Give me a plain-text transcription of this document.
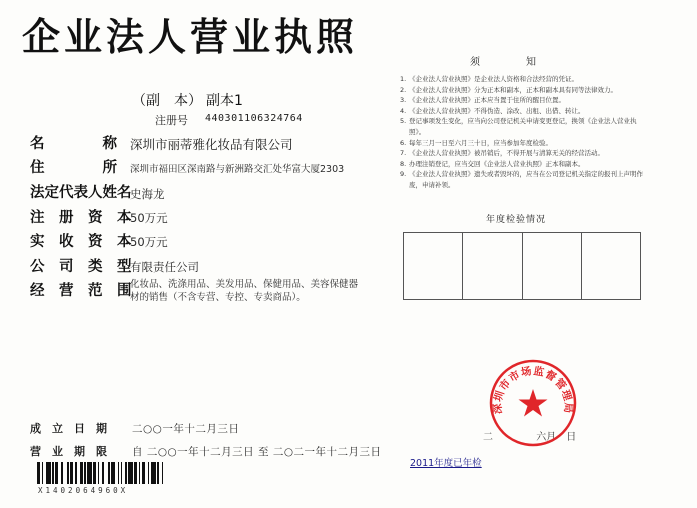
企业法人营业执照
（副　本） 副本1
注册号 440301106324764
名　　　　称 深圳市丽蒂雅化妆品有限公司
住　　　　所 深圳市福田区深南路与新洲路交汇处华富大厦2303
法定代表人姓名
史海龙
注　册　资　本
50万元
实　收　资　本
50万元
公　司　类　型
有限责任公司
经　营　范　围
化妆品、洗涤用品、美发用品、保健用品、美容保健器材的销售（不含专营、专控、专卖商品）。
成　立　日　期 二○○一年十二月三日
营　业　期　限 自 二○○一年十二月三日 至 二○二一年十二月三日
X1402064960X
须　知
1. 《企业法人营业执照》是企业法人资格和合法经营的凭证。
2. 《企业法人营业执照》分为正本和副本，正本和副本具有同等法律效力。
3. 《企业法人营业执照》正本应当置于住所的醒目位置。
4. 《企业法人营业执照》不得伪造、涂改、出租、出借、转让。
5. 登记事项发生变化，应当向公司登记机关申请变更登记，换领《企业法人营业执照》。
6. 每年三月一日至六月三十日，应当参加年度检验。
7. 《企业法人营业执照》被吊销后，不得开展与清算无关的经营活动。
8. 办理注销登记，应当交回《企业法人营业执照》正本和副本。
9. 《企业法人营业执照》遗失或者毁坏的，应当在公司登记机关指定的报刊上声明作废，申请补领。
年度检验情况
二	六月 日
深圳市市场监督管理局
2011年度已年检
